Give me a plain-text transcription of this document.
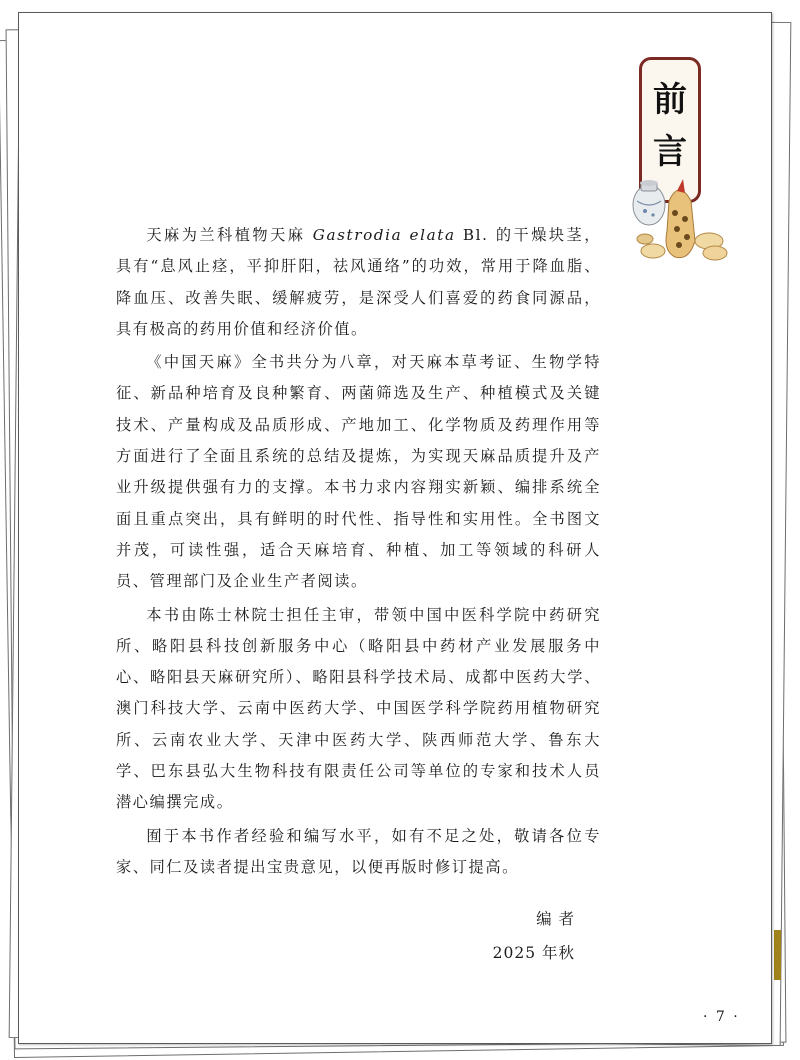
前
言

天麻为兰科植物天麻 Gastrodia elata Bl. 的干燥块茎，具有“息风止痉，平抑肝阳，祛风通络”的功效，常用于降血脂、降血压、改善失眠、缓解疲劳，是深受人们喜爱的药食同源品，具有极高的药用价值和经济价值。

《中国天麻》全书共分为八章，对天麻本草考证、生物学特征、新品种培育及良种繁育、两菌筛选及生产、种植模式及关键技术、产量构成及品质形成、产地加工、化学物质及药理作用等方面进行了全面且系统的总结及提炼，为实现天麻品质提升及产业升级提供强有力的支撑。本书力求内容翔实新颖、编排系统全面且重点突出，具有鲜明的时代性、指导性和实用性。全书图文并茂，可读性强，适合天麻培育、种植、加工等领域的科研人员、管理部门及企业生产者阅读。

本书由陈士林院士担任主审，带领中国中医科学院中药研究所、略阳县科技创新服务中心（略阳县中药材产业发展服务中心、略阳县天麻研究所）、略阳县科学技术局、成都中医药大学、澳门科技大学、云南中医药大学、中国医学科学院药用植物研究所、云南农业大学、天津中医药大学、陕西师范大学、鲁东大学、巴东县弘大生物科技有限责任公司等单位的专家和技术人员潜心编撰完成。

囿于本书作者经验和编写水平，如有不足之处，敬请各位专家、同仁及读者提出宝贵意见，以便再版时修订提高。

编 者
2025 年秋
· 7 ·
